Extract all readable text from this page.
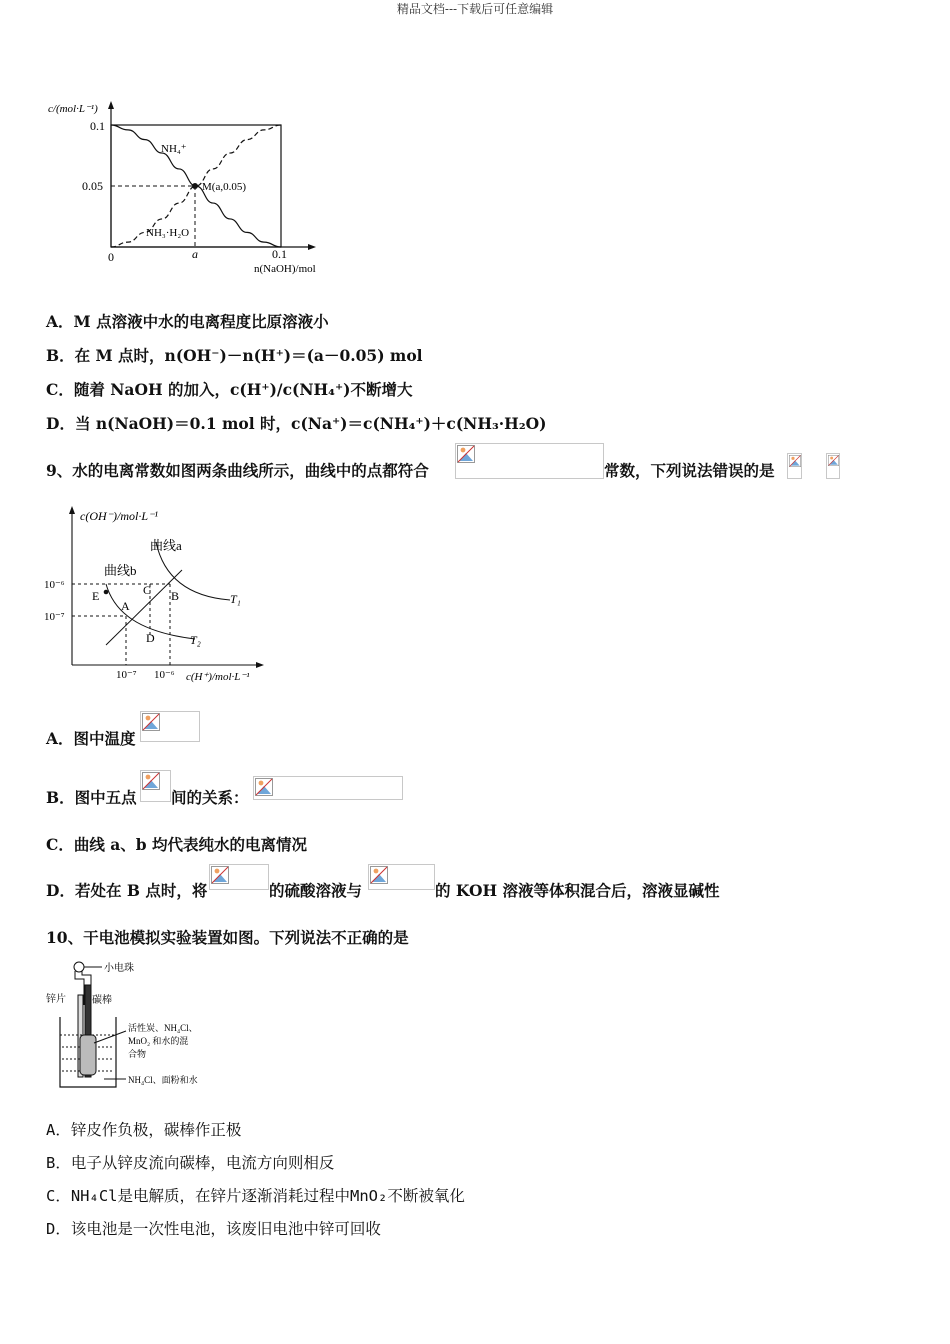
精品文档---下载后可任意编辑
c/(mol·L⁻¹)
0.1
0.05
0	a	0.1
n(NaOH)/mol
NH₄⁺
NH₃·H₂O
M(a,0.05)
A．M 点溶液中水的电离程度比原溶液小
B．在 M 点时，n(OH⁻)－n(H⁺)＝(a－0.05) mol
C．随着 NaOH 的加入，c(H⁺)/c(NH₄⁺)不断增大
D．当 n(NaOH)＝0.1 mol 时，c(Na⁺)＝c(NH₄⁺)＋c(NH₃·H₂O)
9、水的电离常数如图两条曲线所示，曲线中的点都符合	常数，下列说法错误的是
c(OH⁻)/mol·L⁻¹
c(H⁺)/mol·L⁻¹
10⁻⁶
10⁻⁷
10⁻⁷ 10⁻⁶
曲线a
曲线b
T₁
T₂
E
A
C B
D
A．图中温度
B．图中五点 间的关系：
C．曲线 a、b 均代表纯水的电离情况
D．若处在 B 点时，将	的硫酸溶液与	的 KOH 溶液等体积混合后，溶液显碱性
10、干电池模拟实验装置如图。下列说法不正确的是
小电珠
锌片	碳棒
活性炭、NH₄Cl、
MnO₂ 和水的混
合物
NH₄Cl、面粉和水
A．锌皮作负极，碳棒作正极
B．电子从锌皮流向碳棒，电流方向则相反
C．NH₄Cl是电解质，在锌片逐渐消耗过程中MnO₂不断被氧化
D．该电池是一次性电池，该废旧电池中锌可回收
